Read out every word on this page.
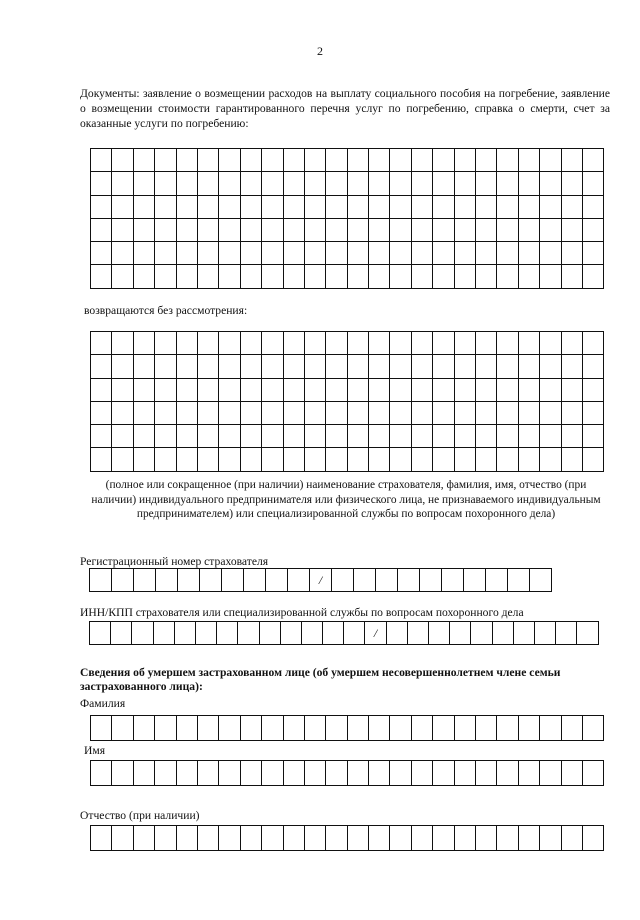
2
Документы: заявление о возмещении расходов на выплату социального пособия на погребение, заявление о возмещении стоимости гарантированного перечня услуг по погребению, справка о смерти, счет за оказанные услуги по погребению:
возвращаются без рассмотрения:
(полное или сокращенное (при наличии) наименование страхователя, фамилия, имя, отчество (при наличии) индивидуального предпринимателя или физического лица, не признаваемого индивидуальным предпринимателем) или специализированной службы по вопросам похоронного дела)
Регистрационный номер страхователя
/
ИНН/КПП страхователя или специализированной службы по вопросам похоронного дела
/
Сведения об умершем застрахованном лице (об умершем несовершеннолетнем члене семьи застрахованного лица):
Фамилия
Имя
Отчество (при наличии)
